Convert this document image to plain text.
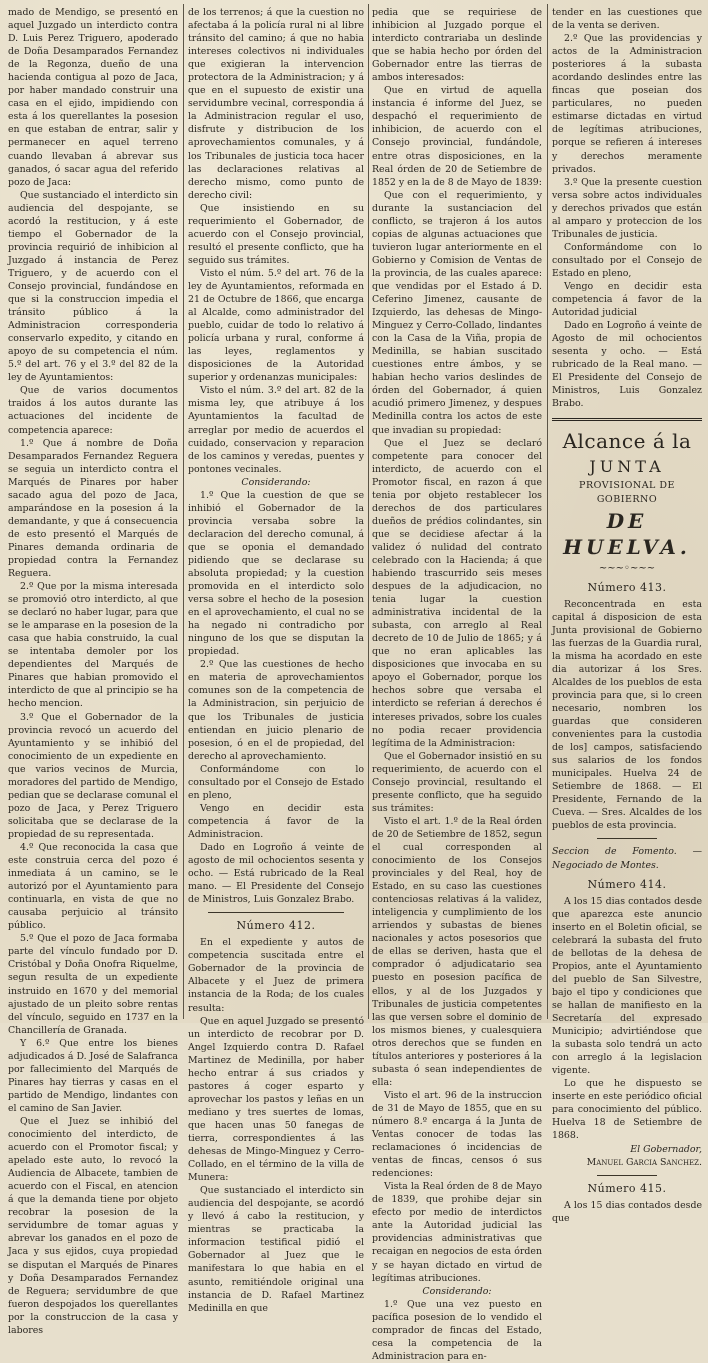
mado de Mendigo, se presentó en aquel Juzgado un interdicto contra D. Luis Perez Triguero, apoderado de Doña Desamparados Fernandez de la Regonza, dueño de una hacienda contigua al pozo de Jaca, por haber mandado construir una casa en el ejido, impidiendo con esta á los querellantes la posesion en que estaban de entrar, salir y permanecer en aquel terreno cuando llevaban á abrevar sus ganados, ó sacar agua del referido pozo de Jaca:

Que sustanciado el interdicto sin audiencia del despojante, se acordó la restitucion, y á este tiempo el Gobernador de la provincia requirió de inhibicion al Juzgado á instancia de Perez Triguero, y de acuerdo con el Consejo provincial, fundándose en que si la construccion impedia el tránsito público á la Administracion corresponderia conservarlo expedito, y citando en apoyo de su competencia el núm. 5.º del art. 76 y el 3.º del 82 de la ley de Ayuntamientos:

Que de varios documentos traidos á los autos durante las actuaciones del incidente de competencia aparece:

1.º Que á nombre de Doña Desamparados Fernandez Reguera se seguia un interdicto contra el Marqués de Pinares por haber sacado agua del pozo de Jaca, amparándose en la posesion á la demandante, y que á consecuencia de esto presentó el Marqués de Pinares demanda ordinaria de propiedad contra la Fernandez Reguera.

2.º Que por la misma interesada se promovió otro interdicto, al que se declaró no haber lugar, para que se le amparase en la posesion de la casa que habia construido, la cual se intentaba demoler por los dependientes del Marqués de Pinares que habian promovido el interdicto de que al principio se ha hecho mencion.

3.º Que el Gobernador de la provincia revocó un acuerdo del Ayuntamiento y se inhibió del conocimiento de un expediente en que varios vecinos de Murcia, moradores del partido de Mendigo, pedian que se declarase comunal el pozo de Jaca, y Perez Triguero solicitaba que se declarase de la propiedad de su representada.

4.º Que reconocida la casa que este construia cerca del pozo é inmediata á un camino, se le autorizó por el Ayuntamiento para continuarla, en vista de que no causaba perjuicio al tránsito público.

5.º Que el pozo de Jaca formaba parte del vínculo fundado por D. Cristóbal y Doña Onofra Riquelme, segun resulta de un expediente instruido en 1670 y del memorial ajustado de un pleito sobre rentas del vínculo, seguido en 1737 en la Chancillería de Granada.

Y 6.º Que entre los bienes adjudicados á D. José de Salafranca por fallecimiento del Marqués de Pinares hay tierras y casas en el partido de Mendigo, lindantes con el camino de San Javier.

Que el Juez se inhibió del conocimiento del interdicto, de acuerdo con el Promotor fiscal; y apelado este auto, lo revocó la Audiencia de Albacete, tambien de acuerdo con el Fiscal, en atencion á que la demanda tiene por objeto recobrar la posesion de la servidumbre de tomar aguas y abrevar los ganados en el pozo de Jaca y sus ejidos, cuya propiedad se disputan el Marqués de Pinares y Doña Desamparados Fernandez de Reguera; servidumbre de que fueron despojados los querellantes por la construccion de la casa y labores

de los terrenos; á que la cuestion no afectaba á la policía rural ni al libre tránsito del camino; á que no habia intereses colectivos ni individuales que exigieran la intervencion protectora de la Administracion; y á que en el supuesto de existir una servidumbre vecinal, correspondia á la Administracion regular el uso, disfrute y distribucion de los aprovechamientos comunales, y á los Tribunales de justicia toca hacer las declaraciones relativas al derecho mismo, como punto de derecho civil:

Que insistiendo en su requerimiento el Gobernador, de acuerdo con el Consejo provincial, resultó el presente conflicto, que ha seguido sus trámites.

Visto el núm. 5.º del art. 76 de la ley de Ayuntamientos, reformada en 21 de Octubre de 1866, que encarga al Alcalde, como administrador del pueblo, cuidar de todo lo relativo á policía urbana y rural, conforme á las leyes, reglamentos y disposiciones de la Autoridad superior y ordenanzas municipales:

Visto el núm. 3.º del art. 82 de la misma ley, que atribuye á los Ayuntamientos la facultad de arreglar por medio de acuerdos el cuidado, conservacion y reparacion de los caminos y veredas, puentes y pontones vecinales.

Considerando:

1.º Que la cuestion de que se inhibió el Gobernador de la provincia versaba sobre la declaracion del derecho comunal, á que se oponia el demandado pidiendo que se declarase su absoluta propiedad; y la cuestion promovida en el interdicto solo versa sobre el hecho de la posesion en el aprovechamiento, el cual no se ha negado ni contradicho por ninguno de los que se disputan la propiedad.

2.º Que las cuestiones de hecho en materia de aprovechamientos comunes son de la competencia de la Administracion, sin perjuicio de que los Tribunales de justicia entiendan en juicio plenario de posesion, ó en el de propiedad, del derecho al aprovechamiento.

Conformándome con lo consultado por el Consejo de Estado en pleno,

Vengo en decidir esta competencia á favor de la Administracion.

Dado en Logroño á veinte de agosto de mil ochocientos sesenta y ocho. — Está rubricado de la Real mano. — El Presidente del Consejo de Ministros, Luis Gonzalez Brabo.

Número 412.

En el expediente y autos de competencia suscitada entre el Gobernador de la provincia de Albacete y el Juez de primera instancia de la Roda; de los cuales resulta:

Que en aquel Juzgado se presentó un interdicto de recobrar por D. Angel Izquierdo contra D. Rafael Martinez de Medinilla, por haber hecho entrar á sus criados y pastores á coger esparto y aprovechar los pastos y leñas en un mediano y tres suertes de lomas, que hacen unas 50 fanegas de tierra, correspondientes á las dehesas de Mingo-Minguez y Cerro-Collado, en el término de la villa de Munera:

Que sustanciado el interdicto sin audiencia del despojante, se acordó y llevó á cabo la restitucion, y mientras se practicaba la informacion testifical pidió el Gobernador al Juez que le manifestara lo que habia en el asunto, remitiéndole original una instancia de D. Rafael Martinez Medinilla en que

pedia que se requiriese de inhibicion al Juzgado porque el interdicto contrariaba un deslinde que se habia hecho por órden del Gobernador entre las tierras de ambos interesados:

Que en virtud de aquella instancia é informe del Juez, se despachó el requerimiento de inhibicion, de acuerdo con el Consejo provincial, fundándole, entre otras disposiciones, en la Real órden de 20 de Setiembre de 1852 y en la de 8 de Mayo de 1839:

Que con el requerimiento, y durante la sustanciacion del conflicto, se trajeron á los autos copias de algunas actuaciones que tuvieron lugar anteriormente en el Gobierno y Comision de Ventas de la provincia, de las cuales aparece: que vendidas por el Estado á D. Ceferino Jimenez, causante de Izquierdo, las dehesas de Mingo-Minguez y Cerro-Collado, lindantes con la Casa de la Viña, propia de Medinilla, se habian suscitado cuestiones entre ámbos, y se habian hecho varios deslindes de órden del Gobernador, á quien acudió primero Jimenez, y despues Medinilla contra los actos de este que invadian su propiedad:

Que el Juez se declaró competente para conocer del interdicto, de acuerdo con el Promotor fiscal, en razon á que tenia por objeto restablecer los derechos de dos particulares dueños de prédios colindantes, sin que se decidiese afectar á la validez ó nulidad del contrato celebrado con la Hacienda; á que habiendo trascurrido seis meses despues de la adjudicacion, no tenia lugar la cuestion administrativa incidental de la subasta, con arreglo al Real decreto de 10 de Julio de 1865; y á que no eran aplicables las disposiciones que invocaba en su apoyo el Gobernador, porque los hechos sobre que versaba el interdicto se referian á derechos é intereses privados, sobre los cuales no podia recaer providencia legítima de la Administracion:

Que el Gobernador insistió en su requerimiento, de acuerdo con el Consejo provincial, resultando el presente conflicto, que ha seguido sus trámites:

Visto el art. 1.º de la Real órden de 20 de Setiembre de 1852, segun el cual corresponden al conocimiento de los Consejos provinciales y del Real, hoy de Estado, en su caso las cuestiones contenciosas relativas á la validez, inteligencia y cumplimiento de los arriendos y subastas de bienes nacionales y actos posesorios que de ellas se deriven, hasta que el comprador ó adjudicatario sea puesto en posesion pacífica de ellos, y al de los Juzgados y Tribunales de justicia competentes las que versen sobre el dominio de los mismos bienes, y cualesquiera otros derechos que se funden en títulos anteriores y posteriores á la subasta ó sean independientes de ella:

Visto el art. 96 de la instruccion de 31 de Mayo de 1855, que en su número 8.º encarga á la Junta de Ventas conocer de todas las reclamaciones ó incidencias de ventas de fincas, censos ó sus redenciones:

Vista la Real órden de 8 de Mayo de 1839, que prohibe dejar sin efecto por medio de interdictos ante la Autoridad judicial las providencias administrativas que recaigan en negocios de esta órden y se hayan dictado en virtud de legítimas atribuciones.

Considerando:

1.º Que una vez puesto en pacífica posesion de lo vendido el comprador de fincas del Estado, cesa la competencia de la Administracion para en-

tender en las cuestiones que de la venta se deriven.

2.º Que las providencias y actos de la Administracion posteriores á la subasta acordando deslindes entre las fincas que poseian dos particulares, no pueden estimarse dictadas en virtud de legítimas atribuciones, porque se refieren á intereses y derechos meramente privados.

3.º Que la presente cuestion versa sobre actos individuales y derechos privados que están al amparo y proteccion de los Tribunales de justicia.

Conformándome con lo consultado por el Consejo de Estado en pleno,

Vengo en decidir esta competencia á favor de la Autoridad judicial

Dado en Logroño á veinte de Agosto de mil ochocientos sesenta y ocho. — Está rubricado de la Real mano. — El Presidente del Consejo de Ministros, Luis Gonzalez Brabo.

Alcance á la

JUNTA

PROVISIONAL DE GOBIERNO

DE HUELVA.

~~~◦~~~

Número 413.

Reconcentrada en esta capital á disposicion de esta Junta provisional de Gobierno las fuerzas de la Guardia rural, la misma ha acordado en este dia autorizar á los Sres. Alcaldes de los pueblos de esta provincia para que, si lo creen necesario, nombren los guardas que consideren convenientes para la custodia de los] campos, satisfaciendo sus salarios de los fondos municipales. Huelva 24 de Setiembre de 1868. — El Presidente, Fernando de la Cueva. — Sres. Alcaldes de los pueblos de esta provincia.

Seccion de Fomento. — Negociado de Montes.

Número 414.

A los 15 dias contados desde que aparezca este anuncio inserto en el Boletin oficial, se celebrará la subasta del fruto de bellotas de la dehesa de Propios, ante el Ayuntamiento del pueblo de San Silvestre, bajo el tipo y condiciones que se hallan de manifiesto en la Secretaría del expresado Municipio; advirtiéndose que la subasta solo tendrá un acto con arreglo á la legislacion vigente.

Lo que he dispuesto se inserte en este periódico oficial para conocimiento del público. Huelva 18 de Setiembre de 1868.

El Gobernador,

Manuel Garcia Sanchez.

Número 415.

A los 15 dias contados desde que
